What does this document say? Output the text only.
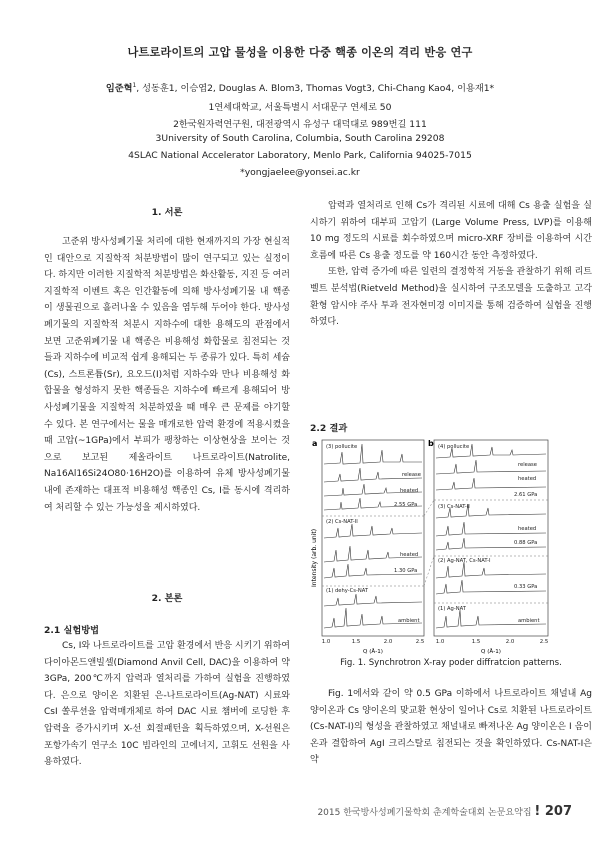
나트로라이트의 고압 물성을 이용한 다중 핵종 이온의 격리 반응 연구
임준혁$^1$, 성동훈1, 이승엽2, Douglas A. Blom3, Thomas Vogt3, Chi-Chang Kao4, 이용재1*
1연세대학교, 서울특별시 서대문구 연세로 50
2한국원자력연구원, 대전광역시 유성구 대덕대로 989번길 111
3University of South Carolina, Columbia, South Carolina 29208
4SLAC National Accelerator Laboratory, Menlo Park, California 94025-7015
*yongjaelee@yonsei.ac.kr
1. 서론

고준위 방사성폐기물 처리에 대한 현재까지의 가장 현실적인 대안으로 지질학적 처분방법이 많이 연구되고 있는 실정이다. 하지만 이러한 지질학적 처분방법은 화산활동, 지진 등 여러 지질학적 이벤트 혹은 인간활동에 의해 방사성폐기물 내 핵종이 생물권으로 흘러나올 수 있음을 염두해 두어야 한다. 방사성폐기물의 지질학적 처분시 지하수에 대한 용해도의 관점에서 보면 고준위폐기물 내 핵종은 비용해성 화합물로 침전되는 것들과 지하수에 비교적 쉽게 용해되는 두 종류가 있다. 특히 세슘(Cs), 스트론튬(Sr), 요오드(I)처럼 지하수와 만나 비용해성 화합물을 형성하지 못한 핵종들은 지하수에 빠르게 용해되어 방사성폐기물을 지질학적 처분하였을 때 매우 큰 문제를 야기할 수 있다. 본 연구에서는 물을 매개로한 압력 환경에 적용시켰을 때 고압(~1GPa)에서 부피가 팽창하는 이상현상을 보이는 것으로 보고된 제올라이트 나트로라이트(Natrolite, Na16Al16Si24O80·16H2O)를 이용하여 유체 방사성폐기물 내에 존재하는 대표적 비용해성 핵종인 Cs, I를 동시에 격리하여 처리할 수 있는 가능성을 제시하였다.

2. 본론
2.1 실험방법

Cs, I와 나트로라이트를 고압 환경에서 반응 시키기 위하여 다이아몬드앤빌셀(Diamond Anvil Cell, DAC)을 이용하여 약 3GPa, 200℃까지 압력과 열처리를 가하여 실험을 진행하였다. 은으로 양이온 치환된 은-나트로라이트(Ag-NAT) 시료와 CsI 쏠루션을 압력매개체로 하여 DAC 시료 챔버에 로딩한 후 압력을 증가시키며 X-선 회절패턴을 획득하였으며, X-선원은 포항가속기 연구소 10C 빔라인의 고에너지, 고휘도 선원을 사용하였다.

압력과 열처리로 인해 Cs가 격리된 시료에 대해 Cs 용출 실험을 실시하기 위하여 대부피 고압기 (Large Volume Press, LVP)를 이용해 10 mg 정도의 시료를 회수하였으며 micro-XRF 장비를 이용하여 시간흐름에 따른 Cs 용출 정도를 약 160시간 동안 측정하였다.

또한, 압력 증가에 따른 일련의 결정학적 거동을 관찰하기 위해 리트벨트 분석법(Rietveld Method)을 실시하여 구조모델을 도출하고 고각 환형 암시야 주사 투과 전자현미경 이미지를 통해 검증하여 실험을 진행하였다.

2.2 결과
a	b
Intensity (arb. unit)
(3) pollucite
release
heated
2.55 GPa
(2) Cs-NAT-II
heated
1.30 GPa
(1) dehy-Cs-NAT
ambient
(4) pollucite
release
heated
2.61 GPa
(3) Cs-NAT-II
heated
0.88 GPa
(2) Ag-NAT, Cs-NAT-I
0.33 GPa
(1) Ag-NAT
ambient
1.0	1.5	2.0	2.5 1.0	1.5	2.0	2.5
Q (Å-1)	Q (Å-1)
Fig. 1. Synchrotron X-ray poder diffratcion patterns.

Fig. 1에서와 같이 약 0.5 GPa 이하에서 나트로라이트 채널내 Ag 양이온과 Cs 양이온의 맞교환 현상이 일어나 Cs로 치환된 나트로라이트(Cs-NAT-I)의 형성을 관찰하였고 채널내로 빠져나온 Ag 양이온은 I 음이온과 결합하여 AgI 크리스탈로 침전되는 것을 확인하였다. Cs-NAT-I은 약

2015 한국방사성폐기물학회 춘계학술대회 논문요약집 ! 207
